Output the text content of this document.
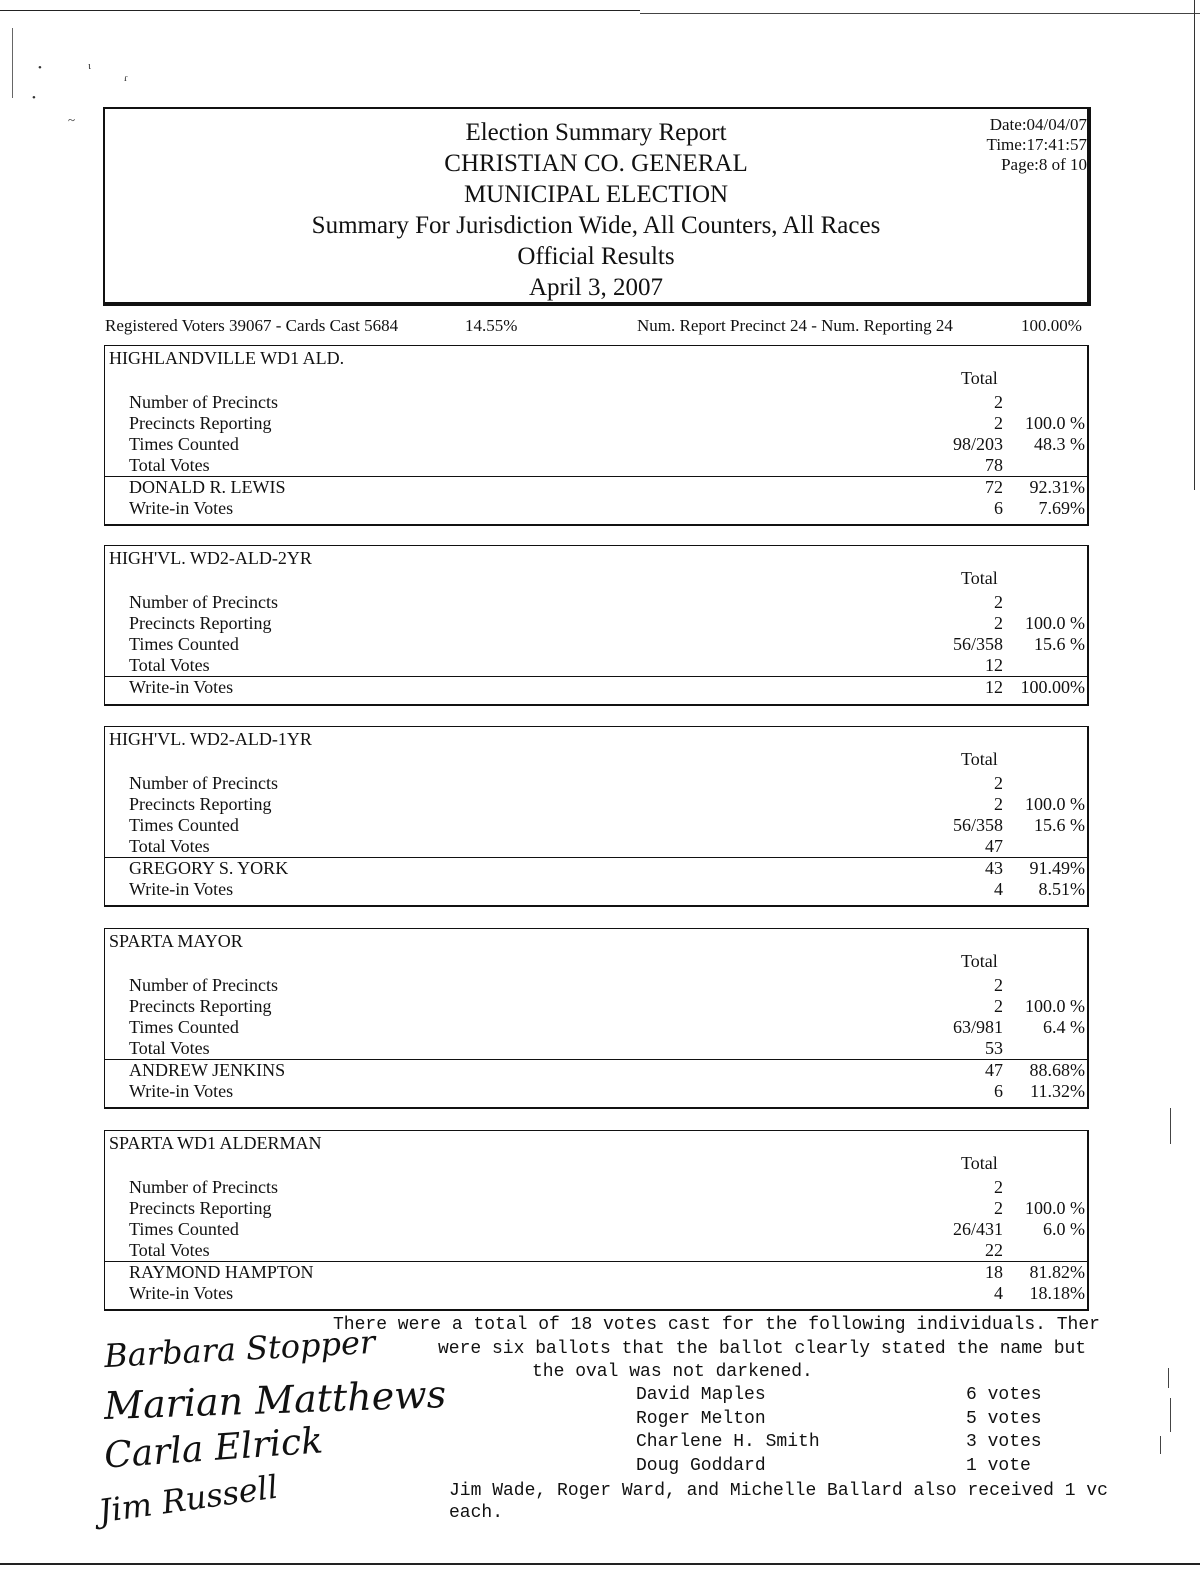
•	ɩ
ɾ
•
~	Election Summary Report
CHRISTIAN CO. GENERAL
MUNICIPAL ELECTION
Summary For Jurisdiction Wide, All Counters, All Races
Official Results
April 3, 2007
Date:04/04/07
Time:17:41:57
Page:8 of 10
Registered Voters 39067 - Cards Cast 5684	14.55%	Num. Report Precinct 24 - Num. Reporting 24	100.00%
HIGHLANDVILLE WD1 ALD.
Total
Number of Precincts	2
Precincts Reporting	2 100.0 %
Times Counted	98/203 48.3 %
Total Votes	78
DONALD R. LEWIS	72 92.31%
Write-in Votes	6 7.69%
HIGH'VL. WD2-ALD-2YR
Total
Number of Precincts	2
Precincts Reporting	2 100.0 %
Times Counted	56/358 15.6 %
Total Votes	12
Write-in Votes	12 100.00%
HIGH'VL. WD2-ALD-1YR
Total
Number of Precincts	2
Precincts Reporting	2 100.0 %
Times Counted	56/358 15.6 %
Total Votes	47
GREGORY S. YORK	43 91.49%
Write-in Votes	4 8.51%
SPARTA MAYOR
Total
Number of Precincts	2
Precincts Reporting	2 100.0 %
Times Counted	63/981 6.4 %
Total Votes	53
ANDREW JENKINS	47 88.68%
Write-in Votes	6 11.32%
SPARTA WD1 ALDERMAN
Total
Number of Precincts	2
Precincts Reporting	2 100.0 %
Times Counted	26/431 6.0 %
Total Votes	22
RAYMOND HAMPTON	18 81.82%
Write-in Votes	4 18.18%
There were a total of 18 votes cast for the following individuals. Ther
were six ballots that the ballot clearly stated the name but
the oval was not darkened.
David Maples	6 votes
Roger Melton	5 votes
Charlene H. Smith	3 votes
Doug Goddard	1 vote
Jim Wade, Roger Ward, and Michelle Ballard also received 1 vc
each.
Barbara Stopper
Marian Matthews
Carla Elrick
Jim Russell
